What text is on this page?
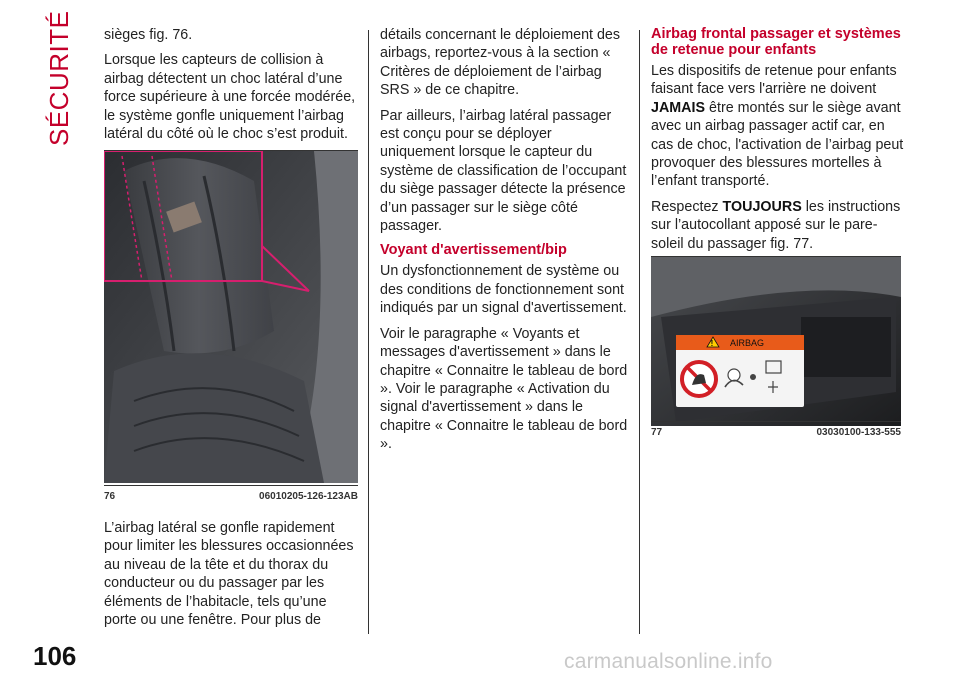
SÉCURITÉ sièges fig. 76.

Lorsque les capteurs de collision à airbag détectent un choc latéral d’une force supérieure à une forcée modérée, le système gonfle uniquement l’airbag latéral du côté où le choc s’est produit.

76	06010205-126-123AB

L’airbag latéral se gonfle rapidement pour limiter les blessures occasionnées au niveau de la tête et du thorax du conducteur ou du passager par les éléments de l’habitacle, tels qu’une porte ou une fenêtre. Pour plus de

détails concernant le déploiement des airbags, reportez-vous à la section « Critères de déploiement de l’airbag SRS » de ce chapitre.

Par ailleurs, l’airbag latéral passager est conçu pour se déployer uniquement lorsque le capteur du système de classification de l’occupant du siège passager détecte la présence d’un passager sur le siège côté passager.

Voyant d'avertissement/bip

Un dysfonctionnement de système ou des conditions de fonctionnement sont indiqués par un signal d'avertissement.

Voir le paragraphe « Voyants et messages d'avertissement » dans le chapitre « Connaitre le tableau de bord ». Voir le paragraphe « Activation du signal d'avertissement » dans le chapitre « Connaitre le tableau de bord ».

Airbag frontal passager et systèmes de retenue pour enfants

Les dispositifs de retenue pour enfants faisant face vers l'arrière ne doivent
JAMAIS être montés sur le siège avant avec un airbag passager actif car, en cas de choc, l'activation de l’airbag peut provoquer des blessures mortelles à l’enfant transporté.

Respectez TOUJOURS les instructions sur l’autocollant apposé sur le pare-soleil du passager fig. 77.

! AIRBAG
77	03030100-133-555
106	carmanualsonline.info
